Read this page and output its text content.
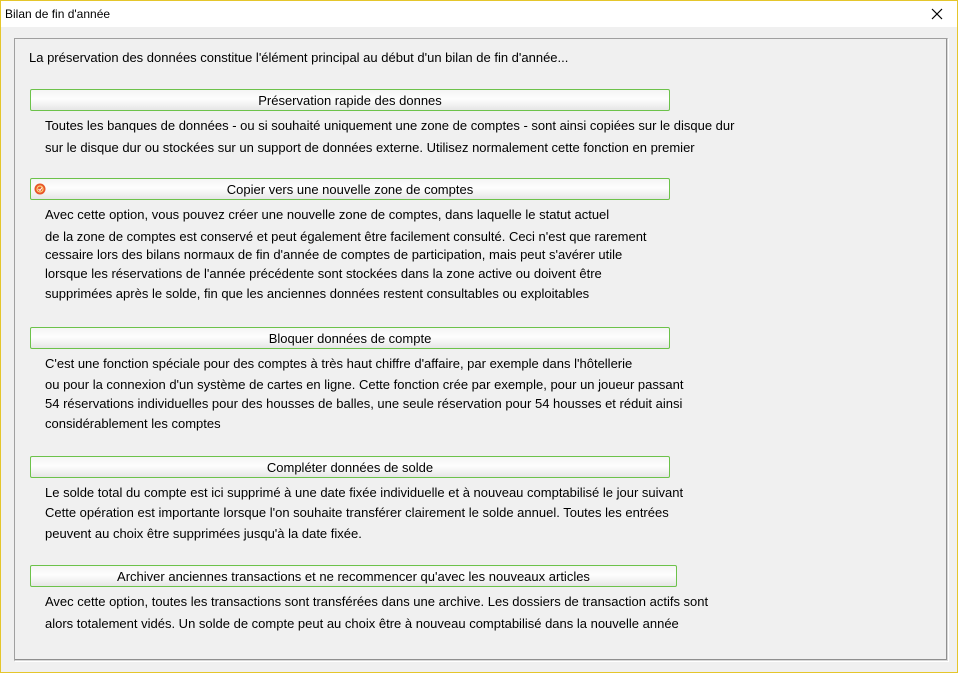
Bilan de fin d'année
La préservation des données constitue l'élément principal au début d'un bilan de fin d'année...
Préservation rapide des donnes
Toutes les banques de données - ou si souhaité uniquement une zone de comptes - sont ainsi copiées sur le disque dur
sur le disque dur ou stockées sur un support de données externe. Utilisez normalement cette fonction en premier
Copier vers une nouvelle zone de comptes
Avec cette option, vous pouvez créer une nouvelle zone de comptes, dans laquelle le statut actuel
de la zone de comptes est conservé et peut également être facilement consulté. Ceci n'est que rarement
cessaire lors des bilans normaux de fin d'année de comptes de participation, mais peut s'avérer utile
lorsque les réservations de l'année précédente sont stockées dans la zone active ou doivent être
supprimées après le solde, fin que les anciennes données restent consultables ou exploitables
Bloquer données de compte
C'est une fonction spéciale pour des comptes à très haut chiffre d'affaire, par exemple dans l'hôtellerie
ou pour la connexion d'un système de cartes en ligne. Cette fonction crée par exemple, pour un joueur passant
54 réservations individuelles pour des housses de balles, une seule réservation pour 54 housses et réduit ainsi
considérablement les comptes
Compléter données de solde
Le solde total du compte est ici supprimé à une date fixée individuelle et à nouveau comptabilisé le jour suivant
Cette opération est importante lorsque l'on souhaite transférer clairement le solde annuel. Toutes les entrées
peuvent au choix être supprimées jusqu'à la date fixée.
Archiver anciennes transactions et ne recommencer qu'avec les nouveaux articles
Avec cette option, toutes les transactions sont transférées dans une archive. Les dossiers de transaction actifs sont
alors totalement vidés. Un solde de compte peut au choix être à nouveau comptabilisé dans la nouvelle année
